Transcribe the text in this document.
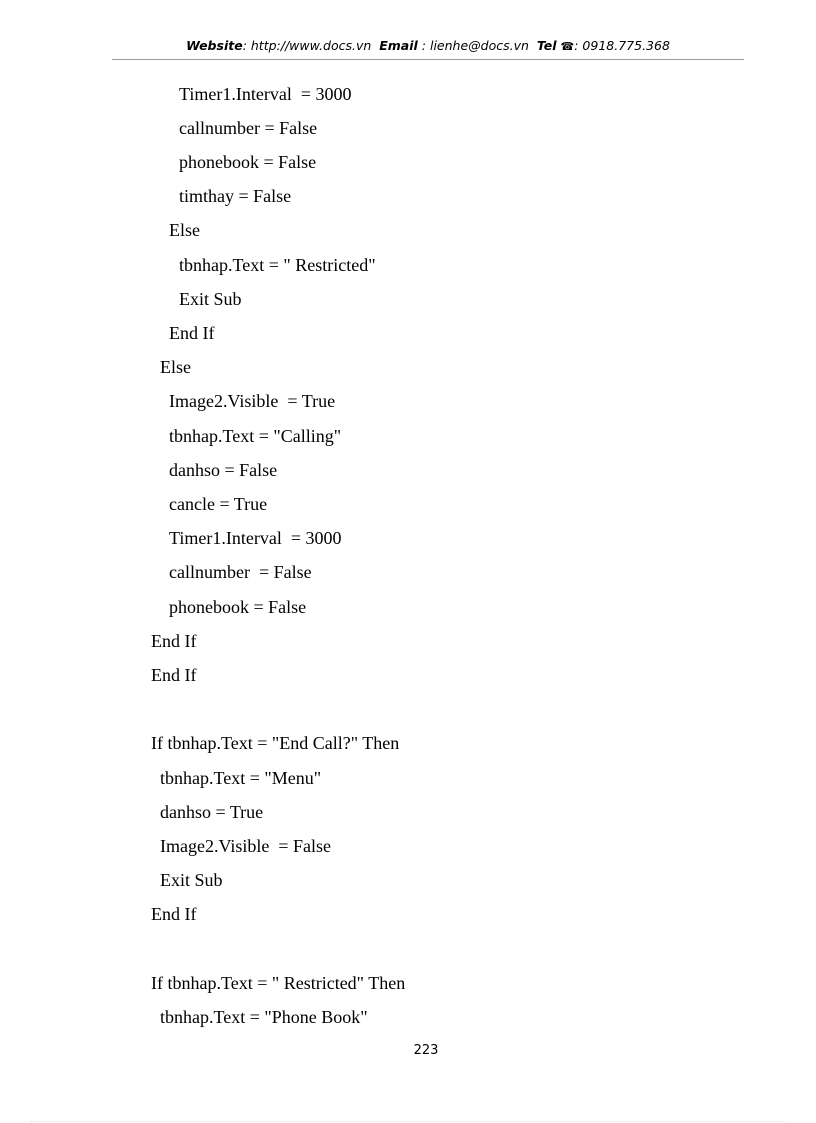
Website: http://www.docs.vn Email : lienhe@docs.vn Tel ☎: 0918.775.368
Timer1.Interval  = 3000
callnumber = False
phonebook = False
timthay = False
Else
tbnhap.Text = " Restricted"
Exit Sub
End If
Else
Image2.Visible  = True
tbnhap.Text = "Calling"
danhso = False
cancle = True
Timer1.Interval  = 3000
callnumber  = False
phonebook = False
End If
End If
If tbnhap.Text = "End Call?" Then
tbnhap.Text = "Menu"
danhso = True
Image2.Visible  = False
Exit Sub
End If
If tbnhap.Text = " Restricted" Then
tbnhap.Text = "Phone Book"
223
